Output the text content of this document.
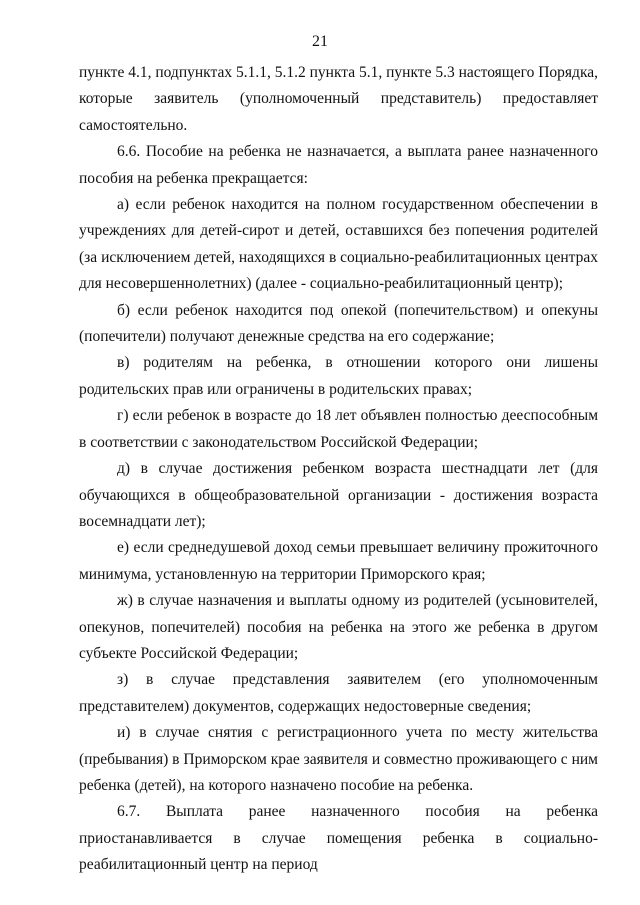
21

пункте 4.1, подпунктах 5.1.1, 5.1.2 пункта 5.1, пункте 5.3 настоящего Порядка, которые заявитель (уполномоченный представитель) предоставляет самостоятельно.

6.6. Пособие на ребенка не назначается, а выплата ранее назначенного пособия на ребенка прекращается:

а) если ребенок находится на полном государственном обеспечении в учреждениях для детей-сирот и детей, оставшихся без попечения родителей (за исключением детей, находящихся в социально-реабилитационных центрах для несовершеннолетних) (далее - социально-реабилитационный центр);

б) если ребенок находится под опекой (попечительством) и опекуны (попечители) получают денежные средства на его содержание;

в) родителям на ребенка, в отношении которого они лишены родительских прав или ограничены в родительских правах;

г) если ребенок в возрасте до 18 лет объявлен полностью дееспособным в соответствии с законодательством Российской Федерации;

д) в случае достижения ребенком возраста шестнадцати лет (для обучающихся в общеобразовательной организации - достижения возраста восемнадцати лет);

е) если среднедушевой доход семьи превышает величину прожиточного минимума, установленную на территории Приморского края;

ж) в случае назначения и выплаты одному из родителей (усыновителей, опекунов, попечителей) пособия на ребенка на этого же ребенка в другом субъекте Российской Федерации;

з) в случае представления заявителем (его уполномоченным представителем) документов, содержащих недостоверные сведения;

и) в случае снятия с регистрационного учета по месту жительства (пребывания) в Приморском крае заявителя и совместно проживающего с ним ребенка (детей), на которого назначено пособие на ребенка.

6.7. Выплата ранее назначенного пособия на ребенка приостанавливается в случае помещения ребенка в социально-реабилитационный центр на период
